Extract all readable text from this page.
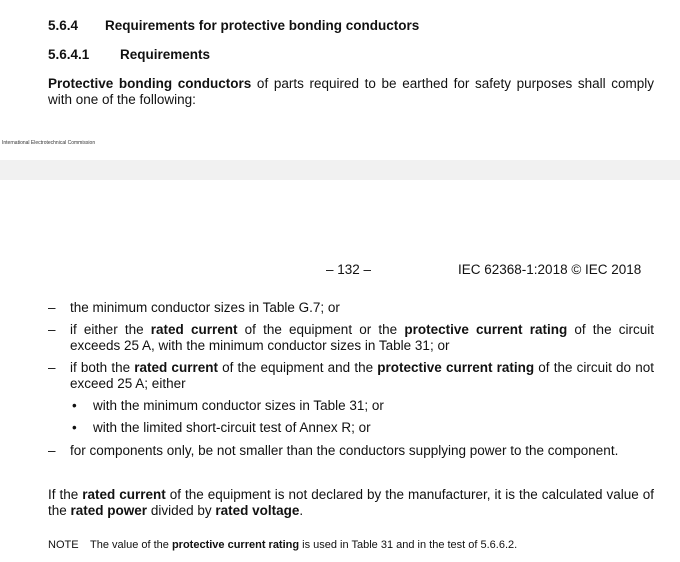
5.6.4 Requirements for protective bonding conductors
5.6.4.1 Requirements
Protective bonding conductors of parts required to be earthed for safety purposes shall comply with one of the following:
International Electrotechnical Commission
– 132 –	IEC 62368-1:2018 © IEC 2018
– the minimum conductor sizes in Table G.7; or
– if either the rated current of the equipment or the protective current rating of the circuit exceeds 25 A, with the minimum conductor sizes in Table 31; or
– if both the rated current of the equipment and the protective current rating of the circuit do not exceed 25 A; either
• with the minimum conductor sizes in Table 31; or
• with the limited short-circuit test of Annex R; or
– for components only, be not smaller than the conductors supplying power to the component.
If the rated current of the equipment is not declared by the manufacturer, it is the calculated value of the rated power divided by rated voltage.
NOTE The value of the protective current rating is used in Table 31 and in the test of 5.6.6.2.
